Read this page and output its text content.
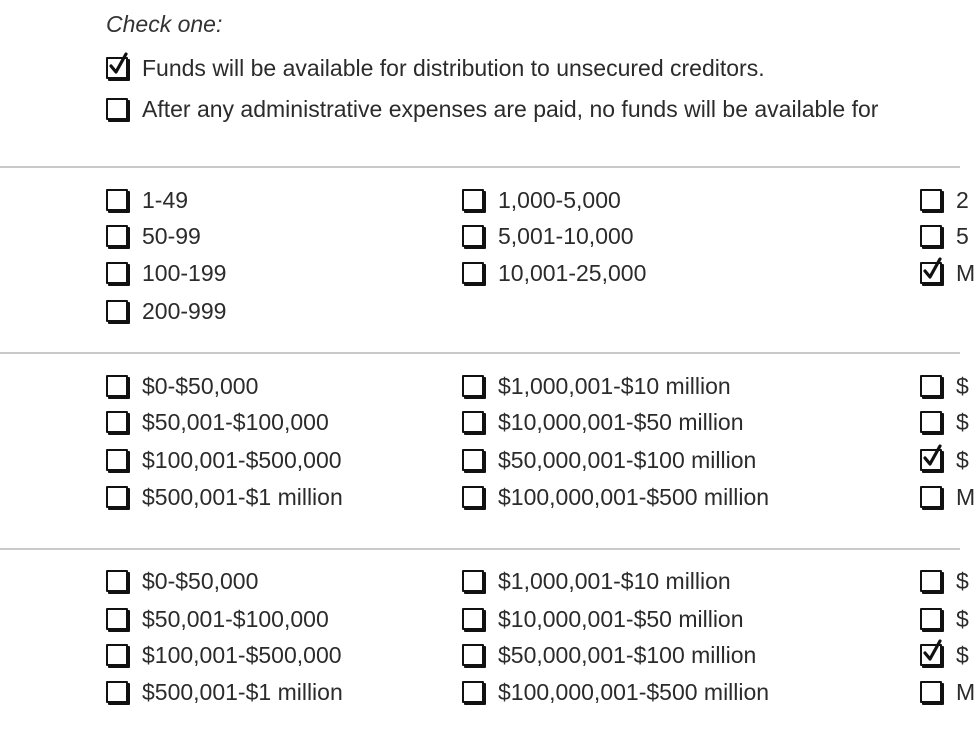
Check one:
Funds will be available for distribution to unsecured creditors.
After any administrative expenses are paid, no funds will be available for
1-49
50-99
100-199
200-999
1,000-5,000
5,001-10,000
10,001-25,000
2
5
M
$0-$50,000
$50,001-$100,000
$100,001-$500,000
$500,001-$1 million
$1,000,001-$10 million
$10,000,001-$50 million
$50,000,001-$100 million
$100,000,001-$500 million
$
$
$
M
$0-$50,000
$50,001-$100,000
$100,001-$500,000
$500,001-$1 million
$1,000,001-$10 million
$10,000,001-$50 million
$50,000,001-$100 million
$100,000,001-$500 million
$
$
$
M
